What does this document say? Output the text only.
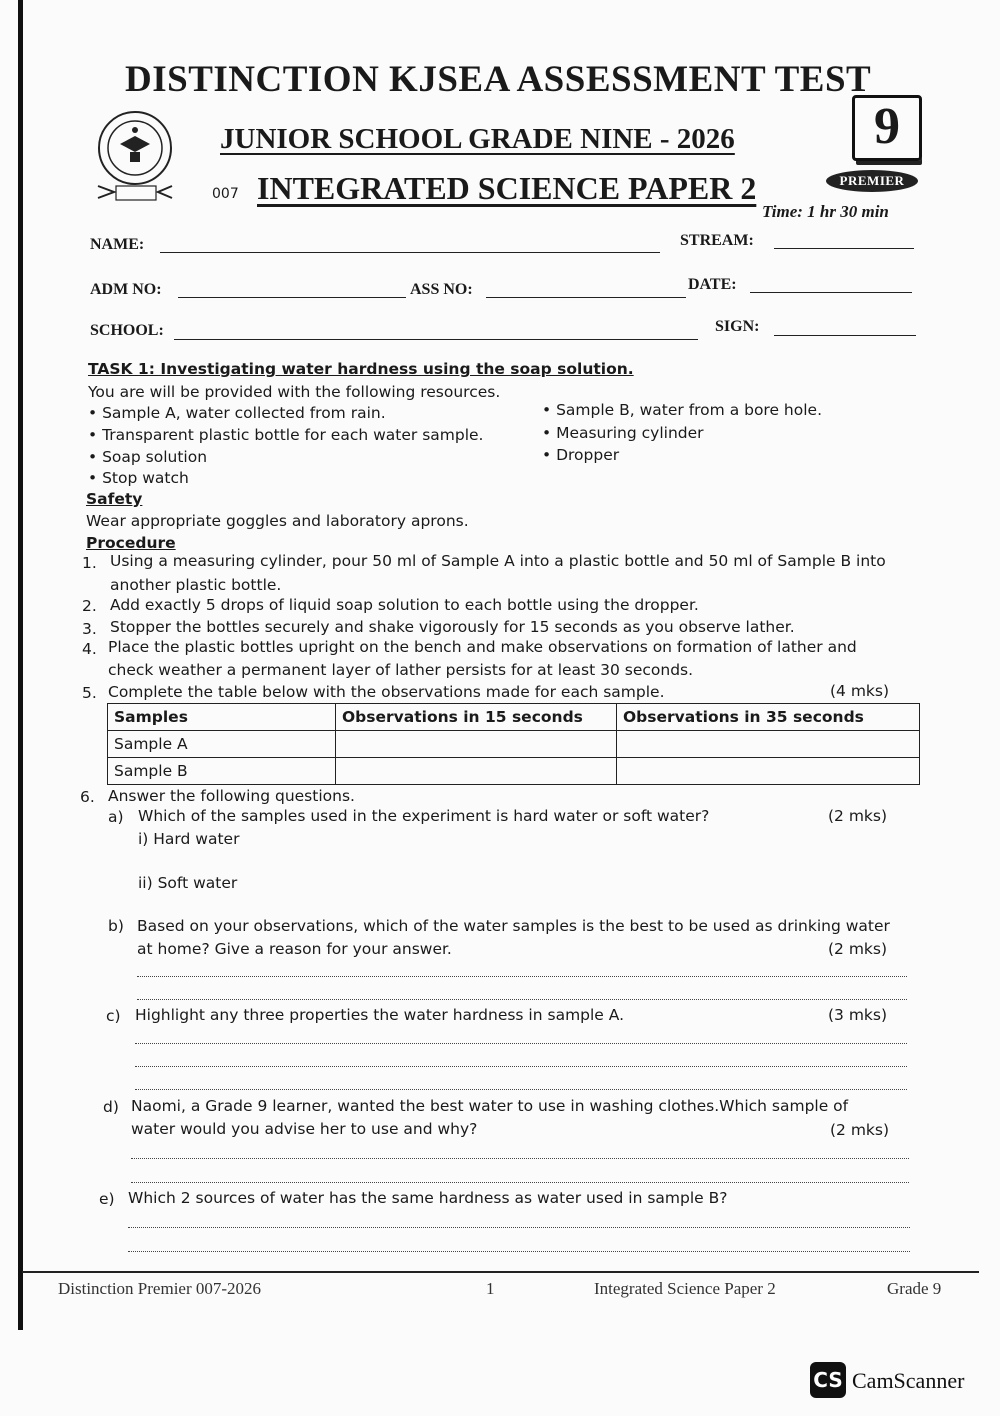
DISTINCTION KJSEA ASSESSMENT TEST
JUNIOR SCHOOL GRADE NINE - 2026
007 INTEGRATED SCIENCE PAPER 2
9
PREMIER
Time: 1 hr 30 min
NAME:	STREAM:
ADM NO:	ASS NO:	DATE:
SCHOOL:	SIGN:
TASK 1: Investigating water hardness using the soap solution.
You are will be provided with the following resources.
• Sample A, water collected from rain.
• Transparent plastic bottle for each water sample.
• Soap solution
• Stop watch
• Sample B, water from a bore hole.
• Measuring cylinder
• Dropper
Safety
Wear appropriate goggles and laboratory aprons.
Procedure
1. Using a measuring cylinder, pour 50 ml of Sample A into a plastic bottle and 50 ml of Sample B into
another plastic bottle.
2. Add exactly 5 drops of liquid soap solution to each bottle using the dropper.
3. Stopper the bottles securely and shake vigorously for 15 seconds as you observe lather.
4. Place the plastic bottles upright on the bench and make observations on formation of lather and
check weather a permanent layer of lather persists for at least 30 seconds.
5. Complete the table below with the observations made for each sample.	(4 mks)
Samples	Observations in 15 seconds	Observations in 35 seconds
Sample A		
Sample B		
6. Answer the following questions.
a) Which of the samples used in the experiment is hard water or soft water?	(2 mks)
i) Hard water
ii) Soft water
b) Based on your observations, which of the water samples is the best to be used as drinking water
at home? Give a reason for your answer.	(2 mks)
c) Highlight any three properties the water hardness in sample A.	(3 mks)
d) Naomi, a Grade 9 learner, wanted the best water to use in washing clothes.Which sample of
water would you advise her to use and why?	(2 mks)
e) Which 2 sources of water has the same hardness as water used in sample B?
Distinction Premier 007-2026	1	Integrated Science Paper 2	Grade 9
CS CamScanner
